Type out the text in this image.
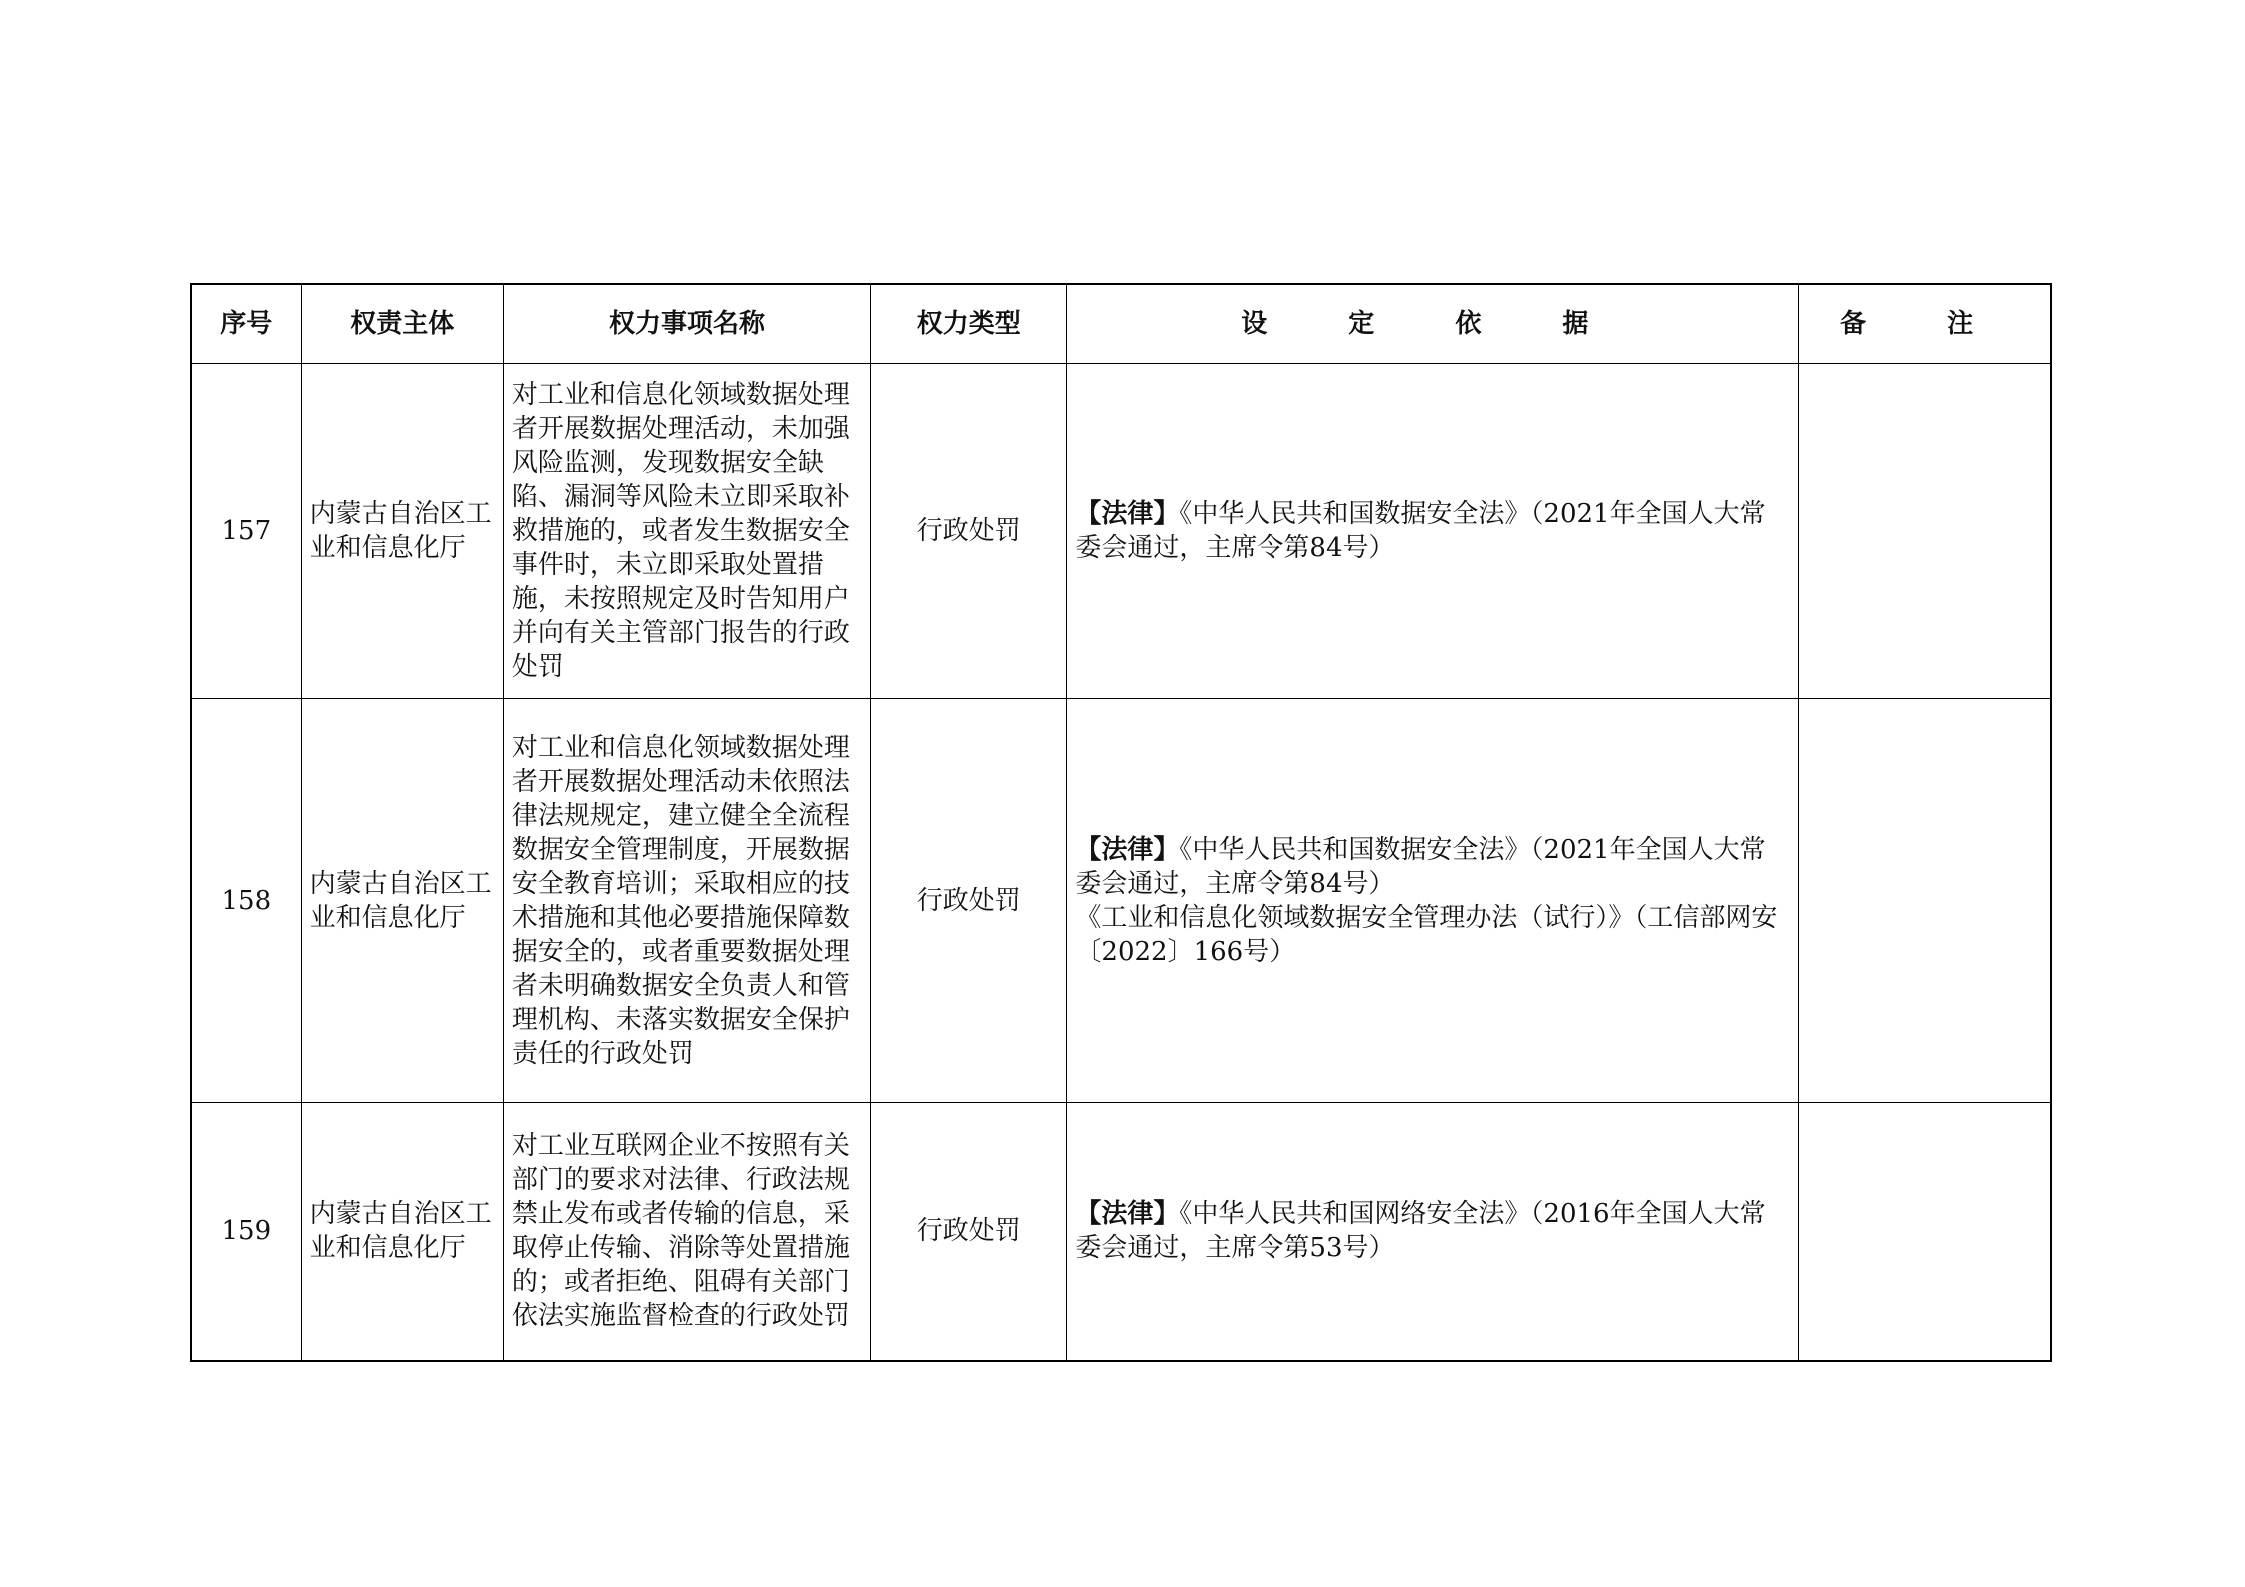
序号	权责主体	权力事项名称	权力类型	设 定 依 据	备 注
157	内蒙古自治区工业和信息化厅	对工业和信息化领域数据处理者开展数据处理活动，未加强风险监测，发现数据安全缺陷、漏洞等风险未立即采取补救措施的，或者发生数据安全事件时，未立即采取处置措施，未按照规定及时告知用户并向有关主管部门报告的行政处罚	行政处罚	【法律】《中华人民共和国数据安全法》（2021年全国人大常委会通过，主席令第84号）	
158	内蒙古自治区工业和信息化厅	对工业和信息化领域数据处理者开展数据处理活动未依照法律法规规定，建立健全全流程数据安全管理制度，开展数据安全教育培训；采取相应的技术措施和其他必要措施保障数据安全的，或者重要数据处理者未明确数据安全负责人和管理机构、未落实数据安全保护责任的行政处罚	行政处罚	【法律】《中华人民共和国数据安全法》（2021年全国人大常委会通过，主席令第84号）
《工业和信息化领域数据安全管理办法（试行）》（工信部网安〔2022〕166号）	
159	内蒙古自治区工业和信息化厅	对工业互联网企业不按照有关部门的要求对法律、行政法规禁止发布或者传输的信息，采取停止传输、消除等处置措施的；或者拒绝、阻碍有关部门依法实施监督检查的行政处罚	行政处罚	【法律】《中华人民共和国网络安全法》（2016年全国人大常委会通过，主席令第53号）	
